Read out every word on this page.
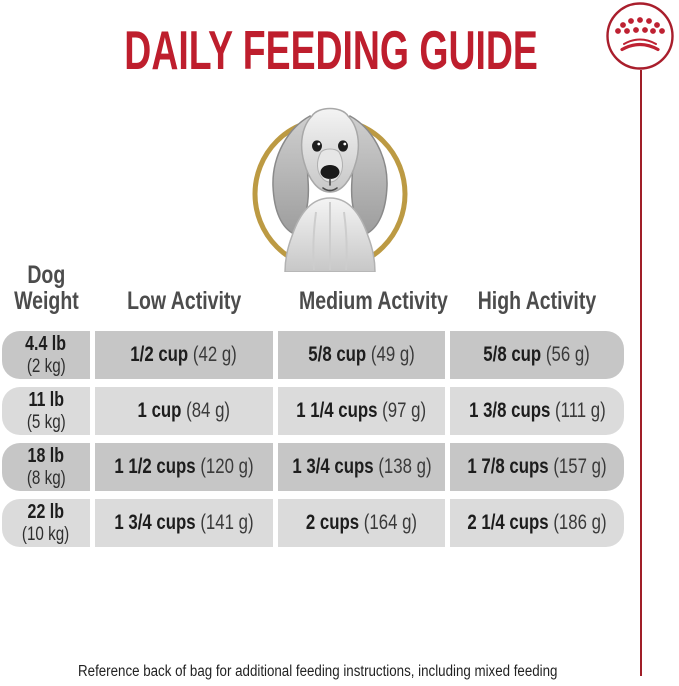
DAILY FEEDING GUIDE
Dog
Weight	Low Activity	Medium Activity	High Activity
4.4 lb
(2 kg)
1/2 cup (42 g)	5/8 cup (49 g)	5/8 cup (56 g)
11 lb
(5 kg)
1 cup (84 g)	1 1/4 cups (97 g) 1 3/8 cups (111 g)
18 lb
(8 kg)
1 1/2 cups (120 g) 1 3/4 cups (138 g) 1 7/8 cups (157 g)
22 lb
(10 kg)
1 3/4 cups (141 g) 2 cups (164 g) 2 1/4 cups (186 g)
Reference back of bag for additional feeding instructions, including mixed feeding
